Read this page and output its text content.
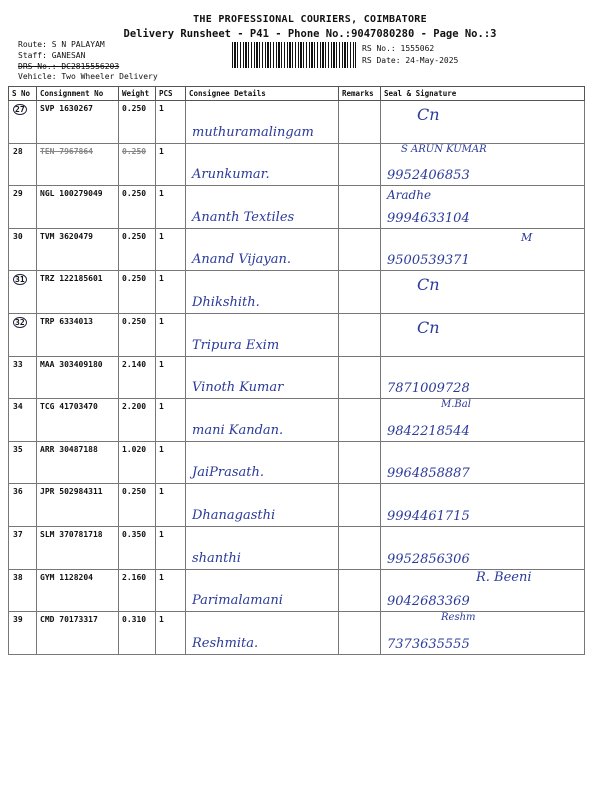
THE PROFESSIONAL COURIERS, COIMBATORE
Delivery Runsheet - P41 - Phone No.:9047080280 - Page No.:3
Route: S N PALAYAM
Staff: GANESAN
DRS No.: DC2815556203
Vehicle: Two Wheeler Delivery
RS No.: 1555062
RS Date: 24-May-2025
S No	Consignment No	Weight	PCS	Consignee Details	Remarks	Seal & Signature
27	SVP 1630267	0.250	1	muthuramalingam		Cn

28	TEN 7967864	0.250	1	Arunkumar.		S ARUN KUMAR
9952406853

29	NGL 100279049	0.250	1	Ananth Textiles		Aradhe
9994633104

30	TVM 3620479	0.250	1	Anand Vijayan.		M
9500539371

31	TRZ 122185601	0.250	1	Dhikshith.		Cn

32	TRP 6334013	0.250	1	Tripura Exim		Cn

33	MAA 303409180	2.140	1	Vinoth Kumar		7871009728

34	TCG 41703470	2.200	1	mani Kandan.		M.Bal
9842218544

35	ARR 30487188	1.020	1	JaiPrasath.		9964858887

36	JPR 502984311	0.250	1	Dhanagasthi		9994461715

37	SLM 370781718	0.350	1	shanthi		9952856306

38	GYM 1128204	2.160	1	Parimalamani		R. Beeni
9042683369

39	CMD 70173317	0.310	1	Reshmita.		Reshm
7373635555
